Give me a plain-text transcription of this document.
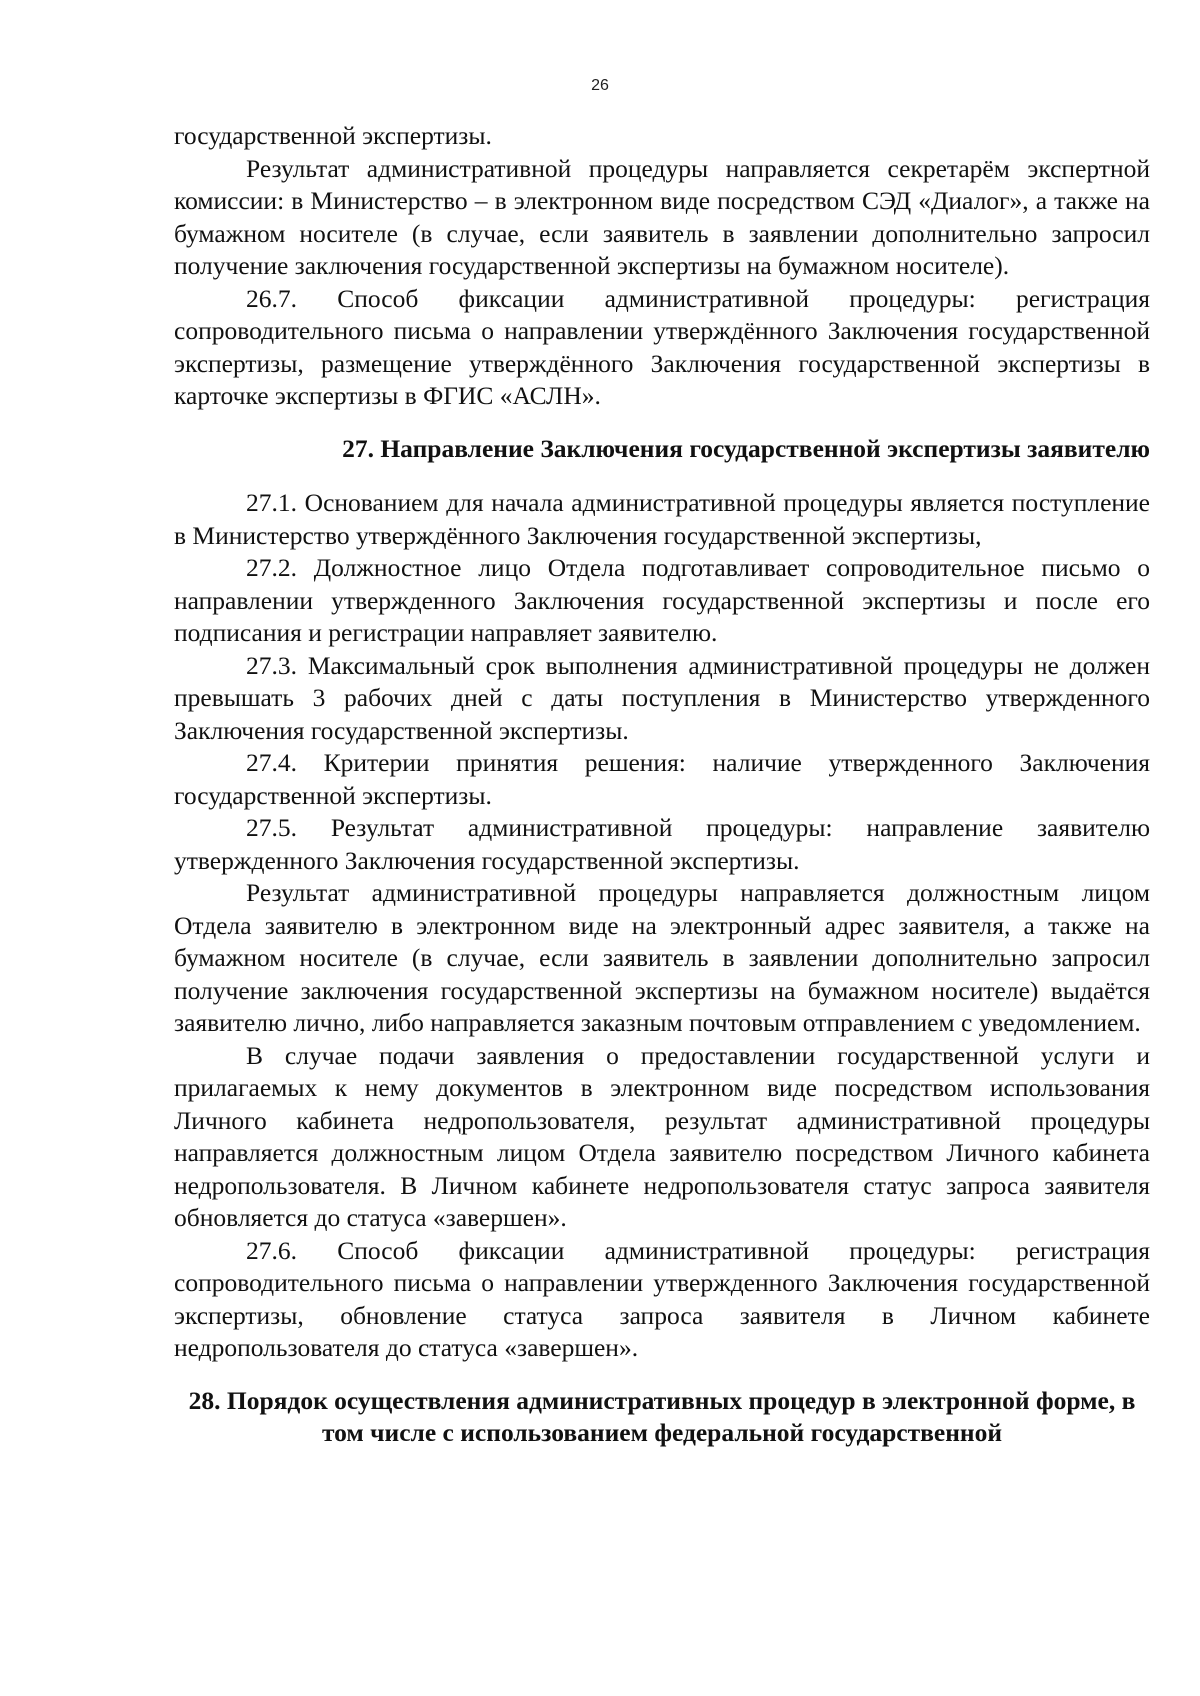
26

государственной экспертизы.

Результат административной процедуры направляется секретарём экспертной комиссии: в Министерство – в электронном виде посредством СЭД «Диалог», а также на бумажном носителе (в случае, если заявитель в заявлении дополнительно запросил получение заключения государственной экспертизы на бумажном носителе).

26.7. Способ фиксации административной процедуры: регистрация сопроводительного письма о направлении утверждённого Заключения государственной экспертизы, размещение утверждённого Заключения государственной экспертизы в карточке экспертизы в ФГИС «АСЛН».

27. Направление Заключения государственной экспертизы заявителю

27.1. Основанием для начала административной процедуры является поступление в Министерство утверждённого Заключения государственной экспертизы,

27.2. Должностное лицо Отдела подготавливает сопроводительное письмо о направлении утвержденного Заключения государственной экспертизы и после его подписания и регистрации направляет заявителю.

27.3. Максимальный срок выполнения административной процедуры не должен превышать 3 рабочих дней с даты поступления в Министерство утвержденного Заключения государственной экспертизы.

27.4. Критерии принятия решения: наличие утвержденного Заключения государственной экспертизы.

27.5. Результат административной процедуры: направление заявителю утвержденного Заключения государственной экспертизы.

Результат административной процедуры направляется должностным лицом Отдела заявителю в электронном виде на электронный адрес заявителя, а также на бумажном носителе (в случае, если заявитель в заявлении дополнительно запросил получение заключения государственной экспертизы на бумажном носителе) выдаётся заявителю лично, либо направляется заказным почтовым отправлением с уведомлением.

В случае подачи заявления о предоставлении государственной услуги и прилагаемых к нему документов в электронном виде посредством использования Личного кабинета недропользователя, результат административной процедуры направляется должностным лицом Отдела заявителю посредством Личного кабинета недропользователя. В Личном кабинете недропользователя статус запроса заявителя обновляется до статуса «завершен».

27.6. Способ фиксации административной процедуры: регистрация сопроводительного письма о направлении утвержденного Заключения государственной экспертизы, обновление статуса запроса заявителя в Личном кабинете недропользователя до статуса «завершен».

28. Порядок осуществления административных процедур в электронной форме, в том числе с использованием федеральной государственной
